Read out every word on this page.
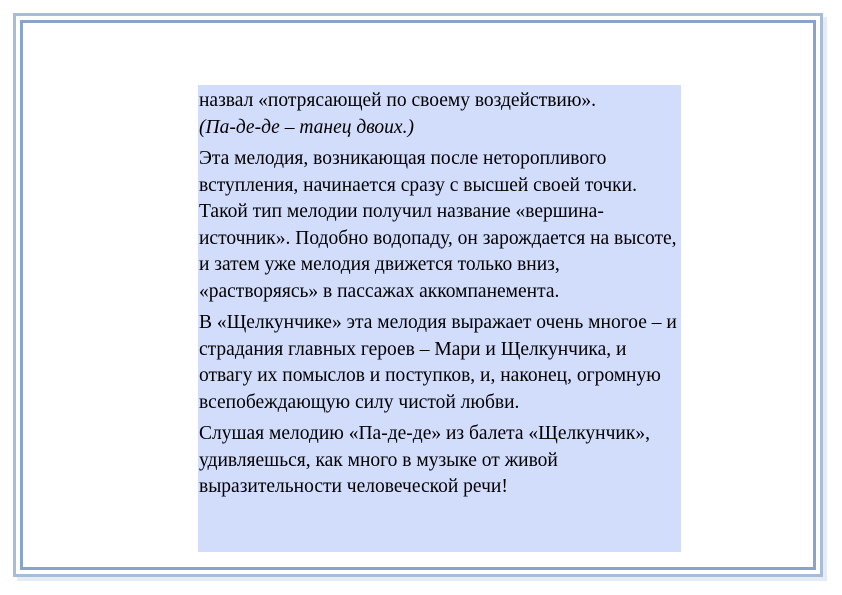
назвал «потрясающей по своему воздействию».
(Па-де-де – танец двоих.)
Эта мелодия, возникающая после неторопливого вступления, начинается сразу с высшей своей точки. Такой тип мелодии получил название «вершина-источник». Подобно водопаду, он зарождается на высоте, и затем уже мелодия движется только вниз, «растворяясь» в пассажах аккомпанемента.
В «Щелкунчике» эта мелодия выражает очень многое – и страдания главных героев – Мари и Щелкунчика, и отвагу их помыслов и поступков, и, наконец, огромную всепобеждающую силу чистой любви.
Слушая мелодию «Па-де-де» из балета «Щелкунчик», удивляешься, как много в музыке от живой выразительности человеческой речи!
